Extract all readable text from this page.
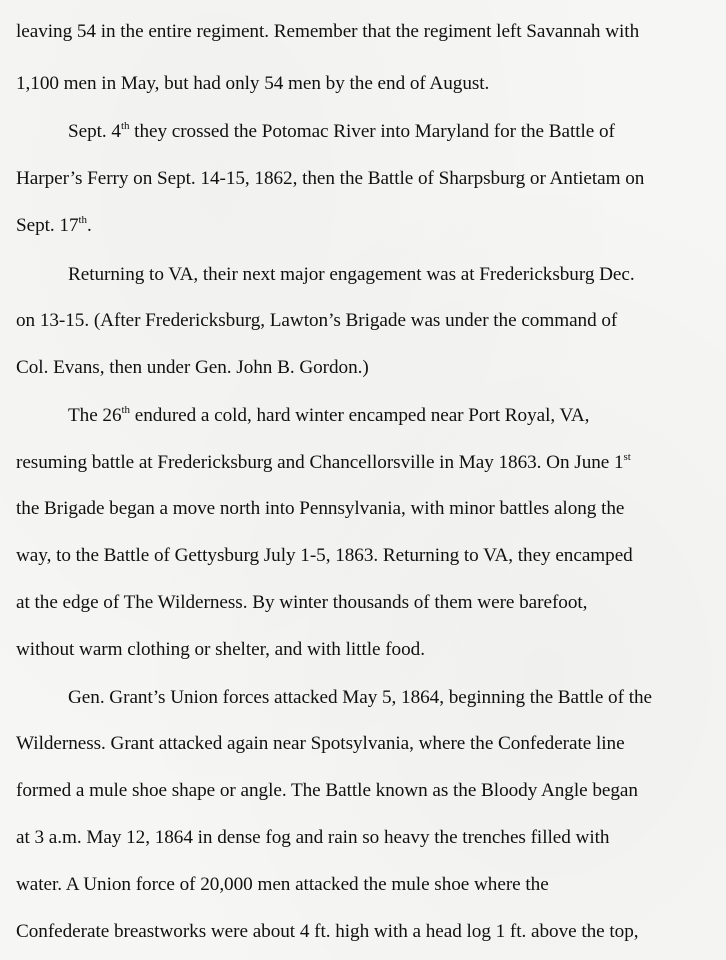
leaving 54 in the entire regiment. Remember that the regiment left Savannah with
1,100 men in May, but had only 54 men by the end of August.
Sept. 4th they crossed the Potomac River into Maryland for the Battle of
Harper’s Ferry on Sept. 14-15, 1862, then the Battle of Sharpsburg or Antietam on
Sept. 17th.
Returning to VA, their next major engagement was at Fredericksburg Dec.
on 13-15. (After Fredericksburg, Lawton’s Brigade was under the command of
Col. Evans, then under Gen. John B. Gordon.)
The 26th endured a cold, hard winter encamped near Port Royal, VA,
resuming battle at Fredericksburg and Chancellorsville in May 1863. On June 1st
the Brigade began a move north into Pennsylvania, with minor battles along the
way, to the Battle of Gettysburg July 1-5, 1863. Returning to VA, they encamped
at the edge of The Wilderness. By winter thousands of them were barefoot,
without warm clothing or shelter, and with little food.
Gen. Grant’s Union forces attacked May 5, 1864, beginning the Battle of the
Wilderness. Grant attacked again near Spotsylvania, where the Confederate line
formed a mule shoe shape or angle. The Battle known as the Bloody Angle began
at 3 a.m. May 12, 1864 in dense fog and rain so heavy the trenches filled with
water. A Union force of 20,000 men attacked the mule shoe where the
Confederate breastworks were about 4 ft. high with a head log 1 ft. above the top,
